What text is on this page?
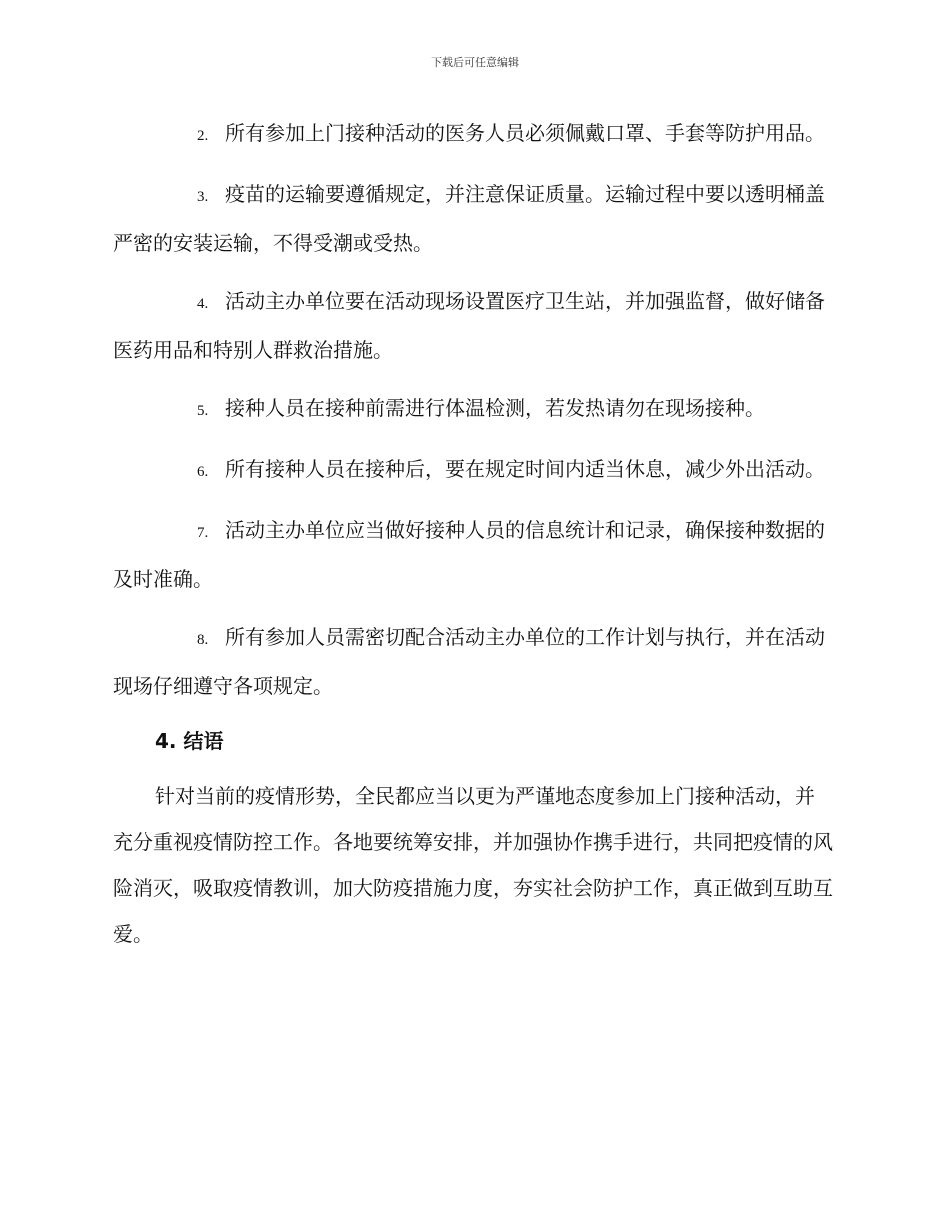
下载后可任意编辑

2. 所有参加上门接种活动的医务人员必须佩戴口罩、手套等防护用品。

3. 疫苗的运输要遵循规定，并注意保证质量。运输过程中要以透明桶盖严密的安装运输，不得受潮或受热。

4. 活动主办单位要在活动现场设置医疗卫生站，并加强监督，做好储备医药用品和特别人群救治措施。

5. 接种人员在接种前需进行体温检测，若发热请勿在现场接种。

6. 所有接种人员在接种后，要在规定时间内适当休息，减少外出活动。

7. 活动主办单位应当做好接种人员的信息统计和记录，确保接种数据的及时准确。

8. 所有参加人员需密切配合活动主办单位的工作计划与执行，并在活动现场仔细遵守各项规定。

4. 结语

针对当前的疫情形势，全民都应当以更为严谨地态度参加上门接种活动，并充分重视疫情防控工作。各地要统筹安排，并加强协作携手进行，共同把疫情的风险消灭，吸取疫情教训，加大防疫措施力度，夯实社会防护工作，真正做到互助互爱。
